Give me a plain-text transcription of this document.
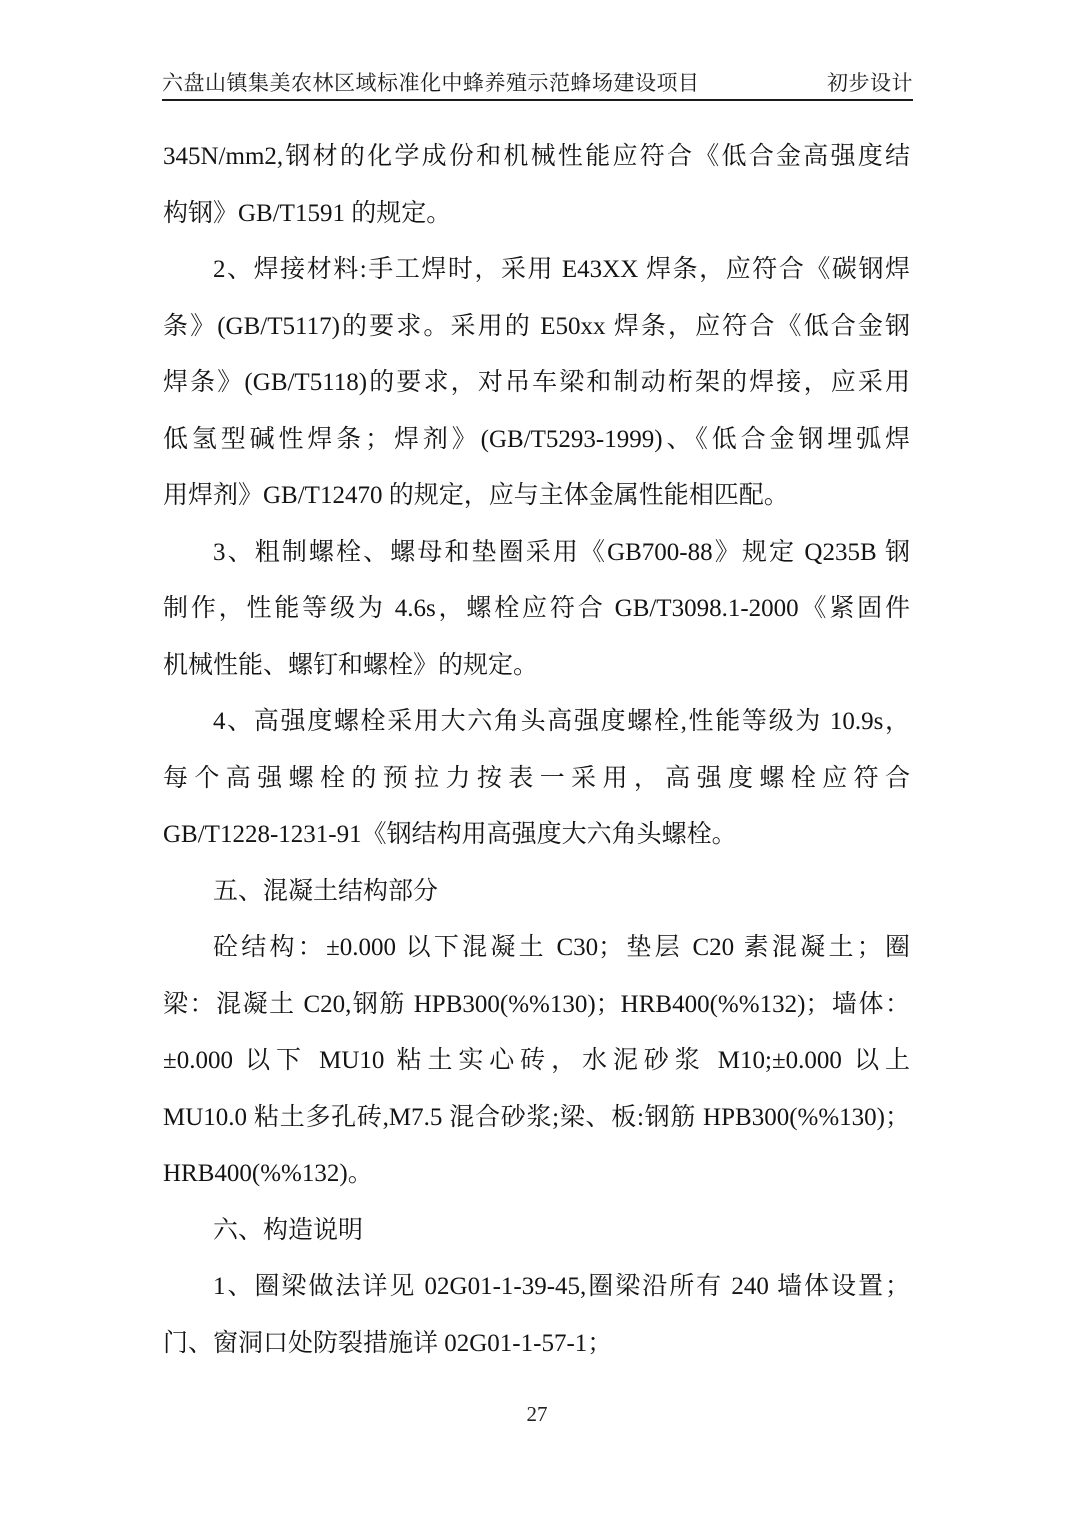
六盘山镇集美农林区域标准化中蜂养殖示范蜂场建设项目	初步设计
345N/mm2,钢材的化学成份和机械性能应符合《低合金高强度结
构钢》GB/T1591 的规定。
2、焊接材料:手工焊时，采用 E43XX 焊条，应符合《碳钢焊
条》(GB/T5117)的要求。采用的 E50xx 焊条，应符合《低合金钢
焊条》(GB/T5118)的要求，对吊车梁和制动桁架的焊接，应采用
低氢型碱性焊条；焊剂》(GB/T5293-1999)、《低合金钢埋弧焊
用焊剂》GB/T12470 的规定，应与主体金属性能相匹配。
3、粗制螺栓、螺母和垫圈采用《GB700-88》规定 Q235B 钢
制作，性能等级为 4.6s，螺栓应符合 GB/T3098.1-2000《紧固件
机械性能、螺钉和螺栓》的规定。
4、高强度螺栓采用大六角头高强度螺栓,性能等级为 10.9s，
每个高强螺栓的预拉力按表一采用，高强度螺栓应符合
GB/T1228-1231-91《钢结构用高强度大六角头螺栓。
五、混凝土结构部分
砼结构：±0.000 以下混凝土 C30；垫层 C20 素混凝土；圈
梁：混凝土 C20,钢筋 HPB300(%%130)；HRB400(%%132)；墙体：
±0.000 以下 MU10 粘土实心砖，水泥砂浆 M10;±0.000 以上
MU10.0 粘土多孔砖,M7.5 混合砂浆;梁、板:钢筋 HPB300(%%130)；
HRB400(%%132)。
六、构造说明
1、圈梁做法详见 02G01-1-39-45,圈梁沿所有 240 墙体设置；
门、窗洞口处防裂措施详 02G01-1-57-1；
27
